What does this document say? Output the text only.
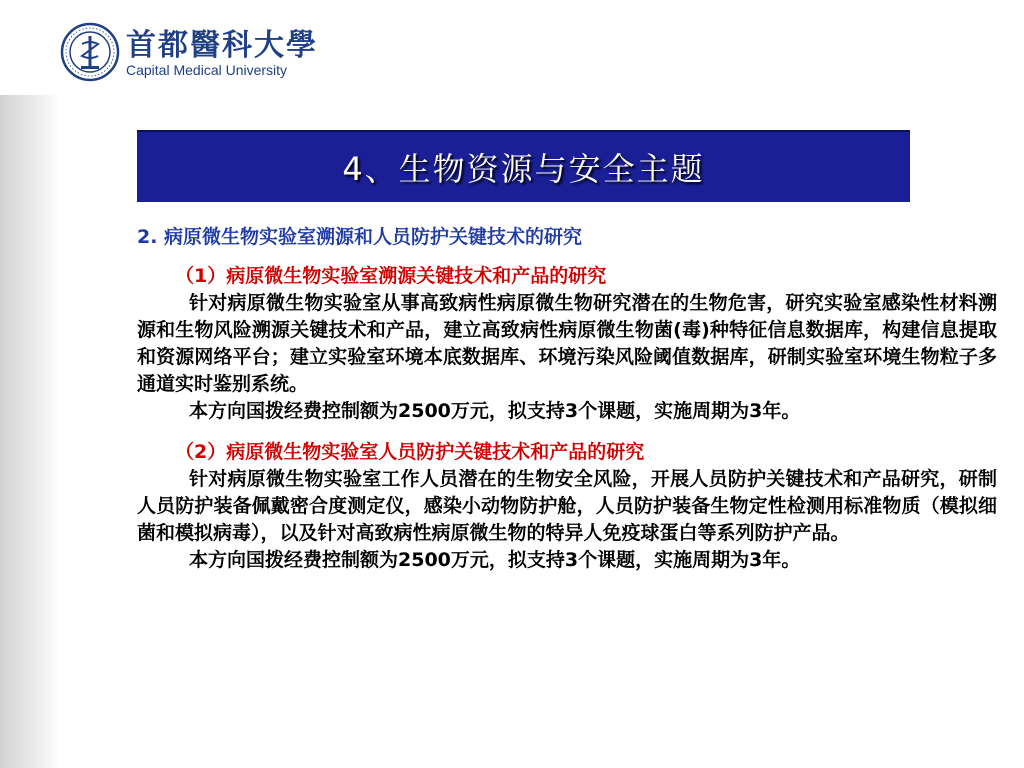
首都醫科大學
Capital Medical University
4、生物资源与安全主题

2. 病原微生物实验室溯源和人员防护关键技术的研究

（1）病原微生物实验室溯源关键技术和产品的研究

针对病原微生物实验室从事高致病性病原微生物研究潜在的生物危害，研究实验室感染性材料溯源和生物风险溯源关键技术和产品，建立高致病性病原微生物菌(毒)种特征信息数据库，构建信息提取和资源网络平台；建立实验室环境本底数据库、环境污染风险阈值数据库，研制实验室环境生物粒子多通道实时鉴别系统。

本方向国拨经费控制额为2500万元，拟支持3个课题，实施周期为3年。

（2）病原微生物实验室人员防护关键技术和产品的研究

针对病原微生物实验室工作人员潜在的生物安全风险，开展人员防护关键技术和产品研究，研制人员防护装备佩戴密合度测定仪，感染小动物防护舱，人员防护装备生物定性检测用标准物质（模拟细菌和模拟病毒），以及针对高致病性病原微生物的特异人免疫球蛋白等系列防护产品。

本方向国拨经费控制额为2500万元，拟支持3个课题，实施周期为3年。
